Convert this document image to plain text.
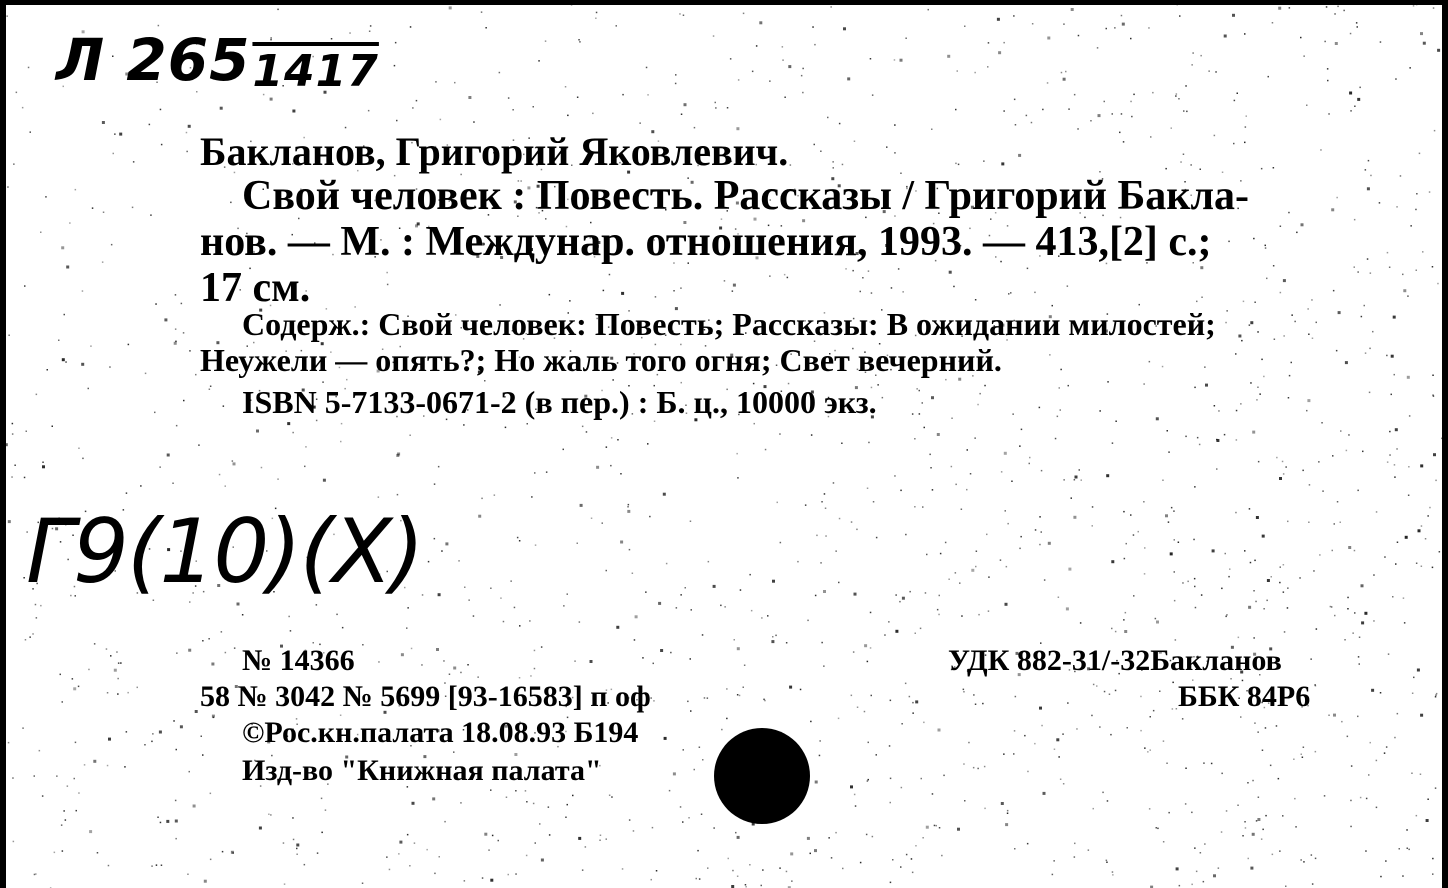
Л 2651417
Бакланов, Григорий Яковлевич.
Свой человек : Повесть. Рассказы / Григорий Бакла-
нов. — М. : Междунар. отношения, 1993. — 413,[2] с.;
17 см.
Содерж.: Свой человек: Повесть; Рассказы: В ожидании милостей;
Неужели — опять?; Но жаль того огня; Свет вечерний.
ISBN 5-7133-0671-2 (в пер.) : Б. ц., 10000 экз.
Г9(10)(Х)
№ 14366
58 № 3042 № 5699 [93-16583] п оф
©Рос.кн.палата 18.08.93 Б194
Изд-во "Книжная палата"
УДК 882-31/-32Бакланов
ББК 84Р6
